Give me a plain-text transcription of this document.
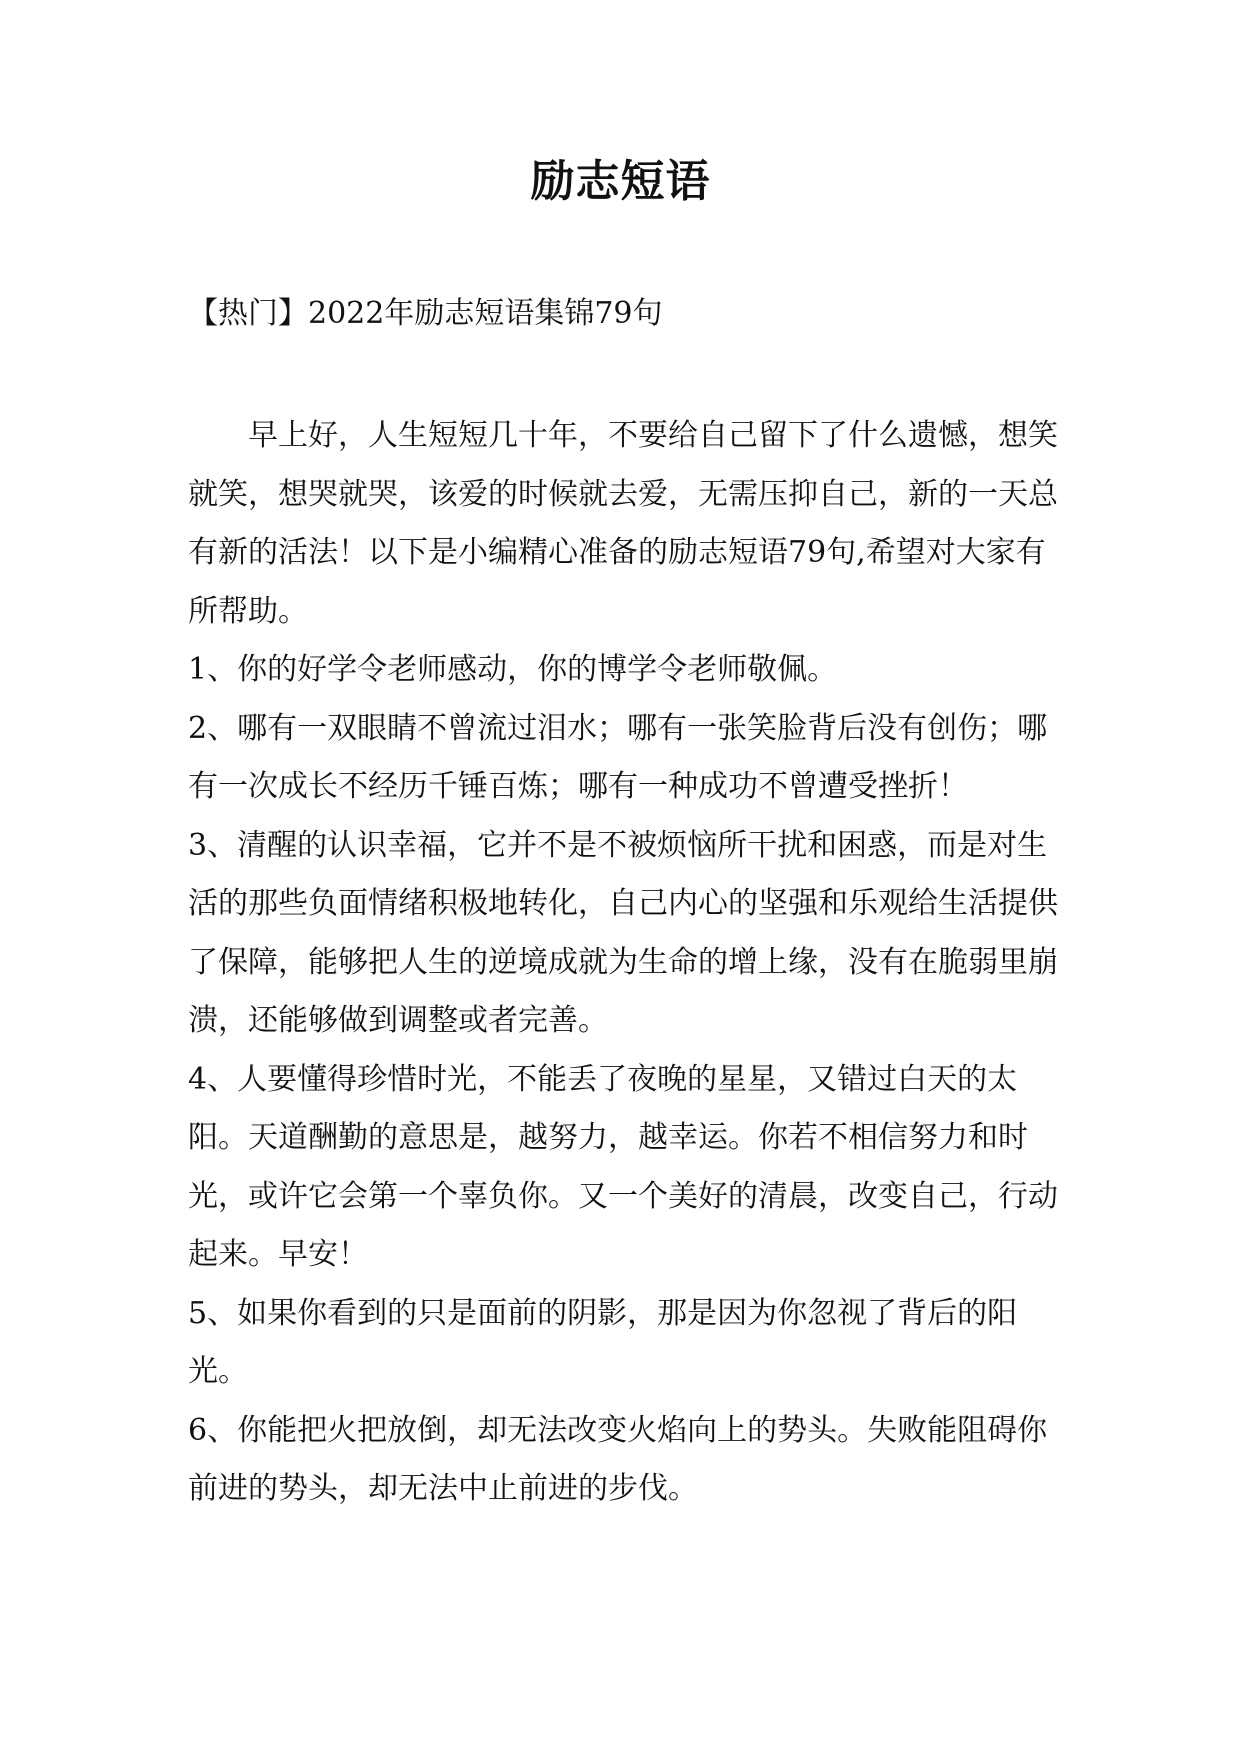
励志短语

【热门】2022年励志短语集锦79句

早上好，人生短短几十年，不要给自己留下了什么遗憾，想笑就笑，想哭就哭，该爱的时候就去爱，无需压抑自己，新的一天总有新的活法！以下是小编精心准备的励志短语79句,希望对大家有所帮助。

1、你的好学令老师感动，你的博学令老师敬佩。

2、哪有一双眼睛不曾流过泪水；哪有一张笑脸背后没有创伤；哪有一次成长不经历千锤百炼；哪有一种成功不曾遭受挫折！

3、清醒的认识幸福，它并不是不被烦恼所干扰和困惑，而是对生活的那些负面情绪积极地转化，自己内心的坚强和乐观给生活提供了保障，能够把人生的逆境成就为生命的增上缘，没有在脆弱里崩溃，还能够做到调整或者完善。

4、人要懂得珍惜时光，不能丢了夜晚的星星，又错过白天的太阳。天道酬勤的意思是，越努力，越幸运。你若不相信努力和时光，或许它会第一个辜负你。又一个美好的清晨，改变自己，行动起来。早安！

5、如果你看到的只是面前的阴影，那是因为你忽视了背后的阳光。

6、你能把火把放倒，却无法改变火焰向上的势头。失败能阻碍你前进的势头，却无法中止前进的步伐。
